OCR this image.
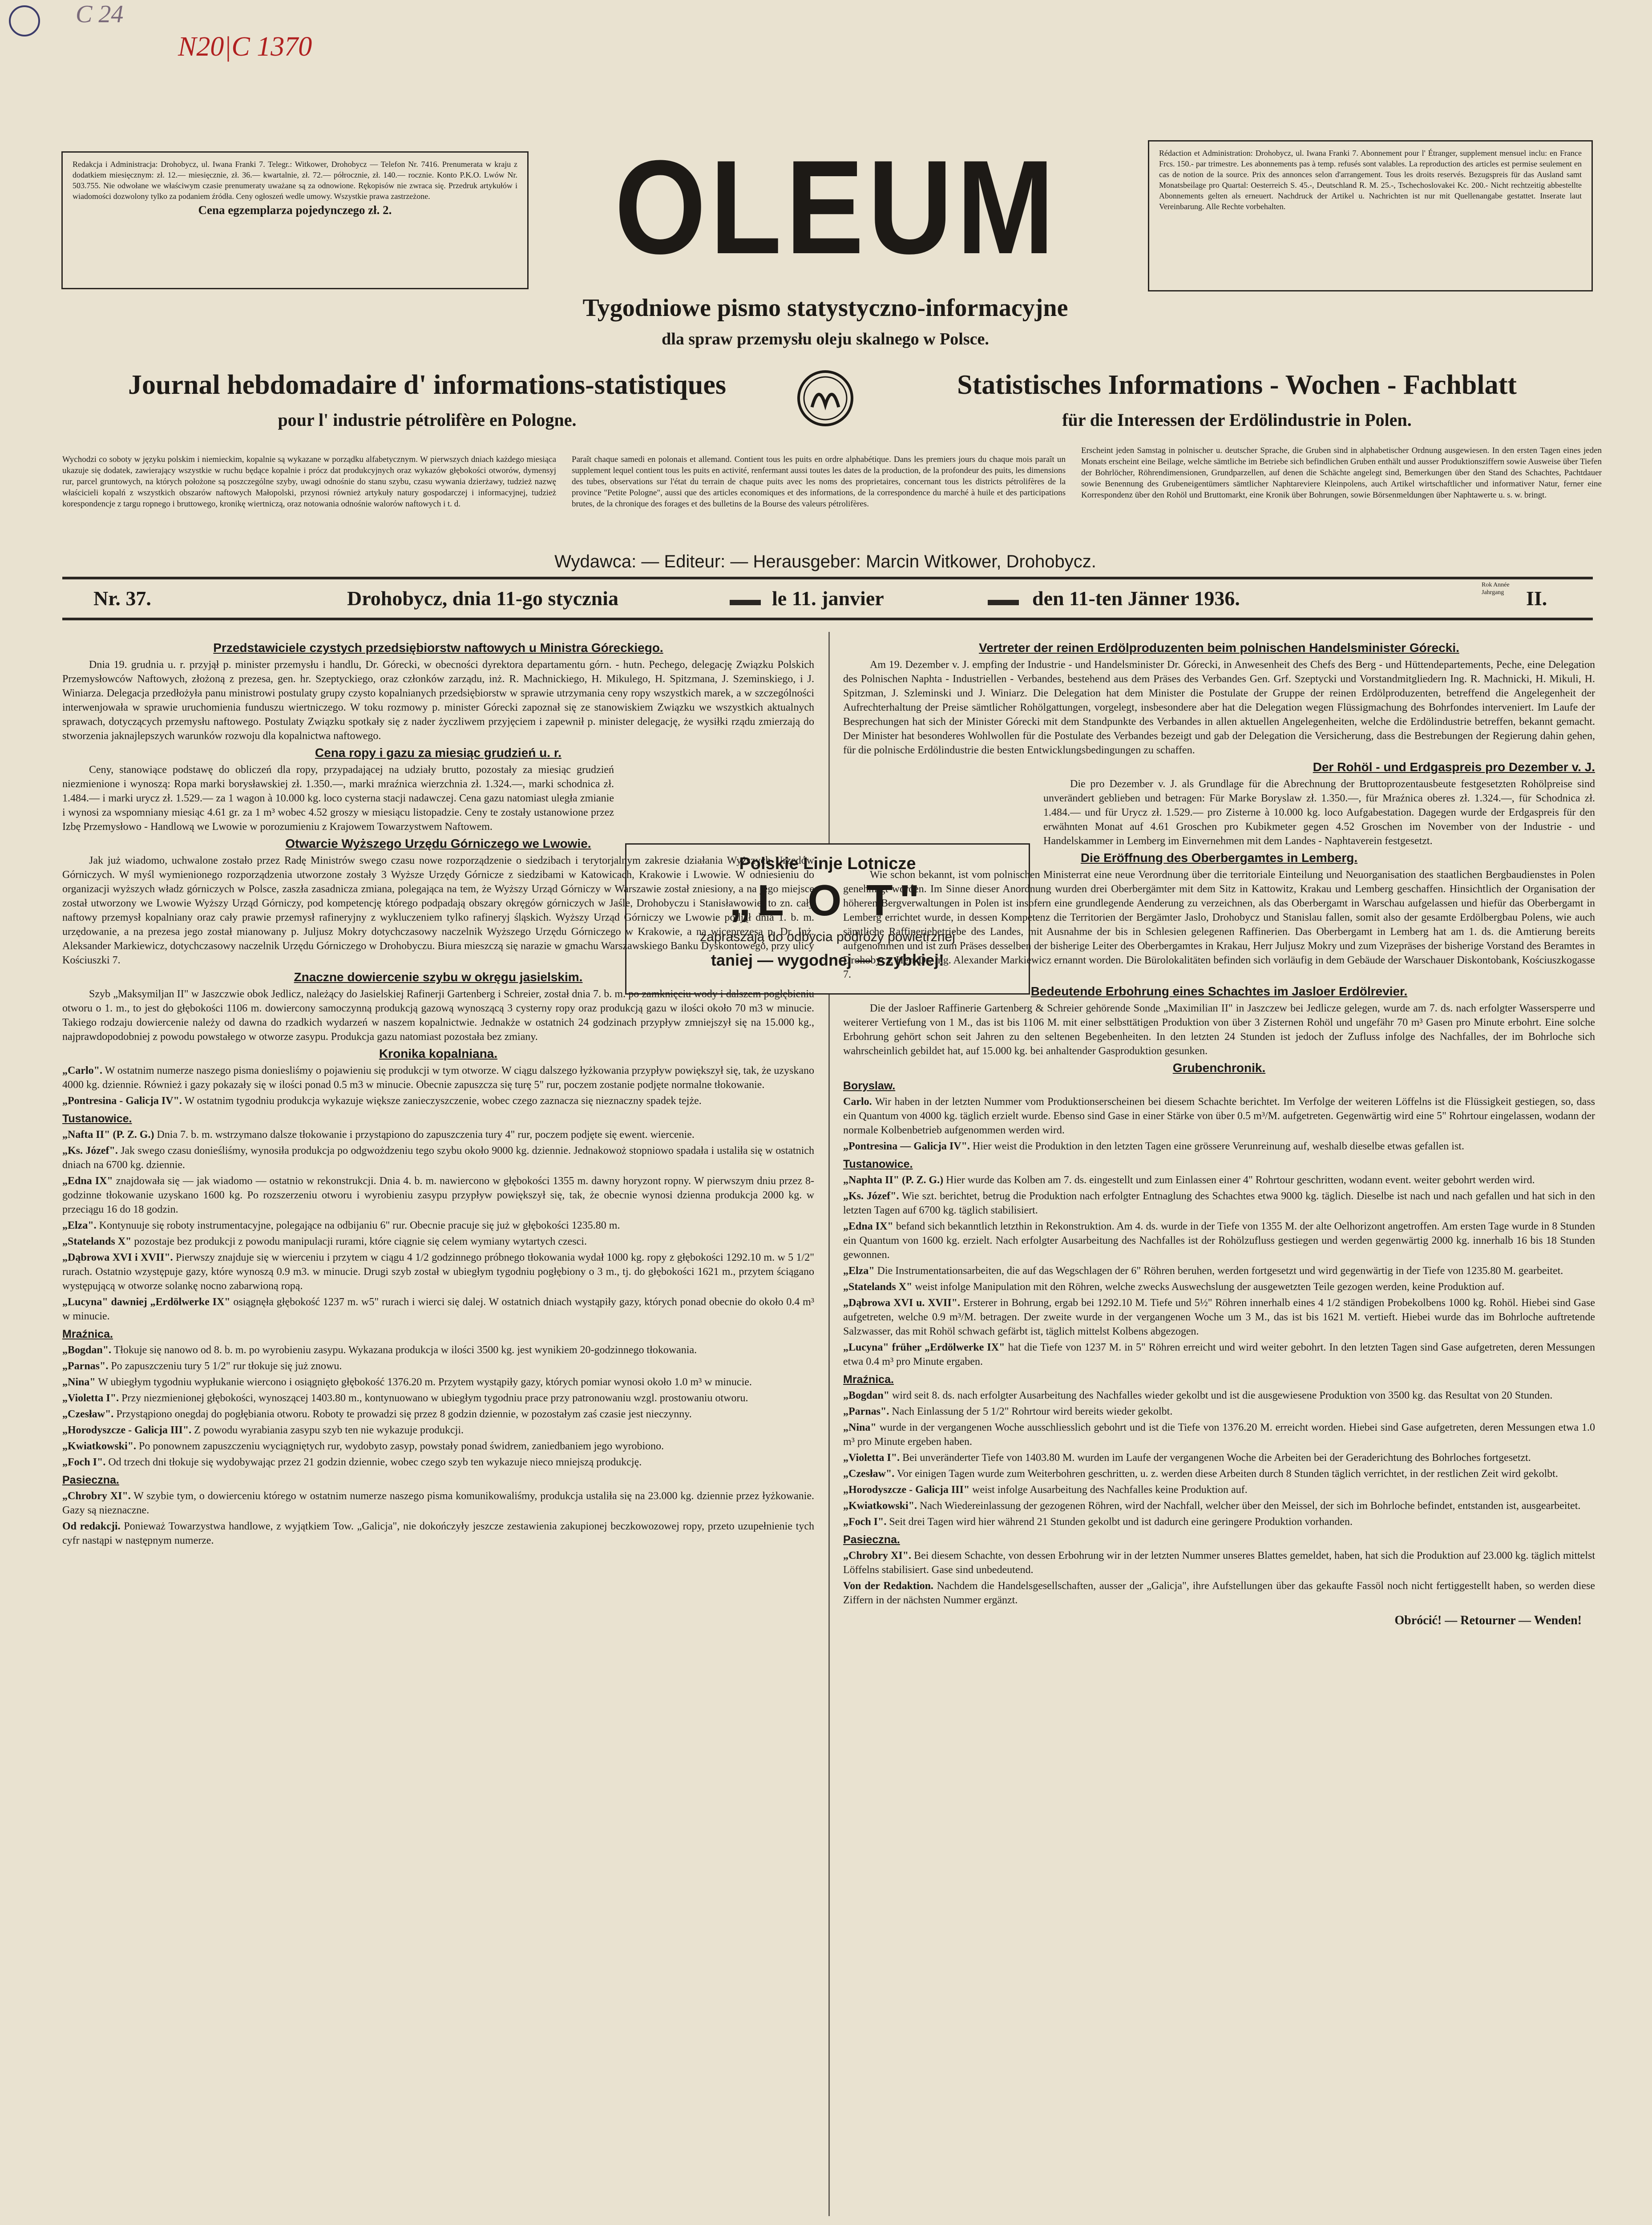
C 24
N20|C 1370
Redakcja i Administracja: Drohobycz, ul. Iwana Franki 7. Telegr.: Witkower, Drohobycz — Telefon Nr. 7416. Prenumerata w kraju z dodatkiem miesięcznym: zł. 12.— miesięcznie, zł. 36.— kwartalnie, zł. 72.— półrocznie, zł. 140.— rocznie. Konto P.K.O. Lwów Nr. 503.755. Nie odwołane we właściwym czasie prenumeraty uważane są za odnowione. Rękopisów nie zwraca się. Przedruk artykułów i wiadomości dozwolony tylko za podaniem źródła. Ceny ogłoszeń wedle umowy. Wszystkie prawa zastrzeżone.
Cena egzemplarza pojedynczego zł. 2.
Rédaction et Administration: Drohobycz, ul. Iwana Franki 7. Abonnement pour l' Étranger, supplement mensuel inclu: en France Frcs. 150.- par trimestre. Les abonnements pas à temp. refusés sont valables. La reproduction des articles est permise seulement en cas de notion de la source. Prix des annonces selon d'arrangement. Tous les droits reservés. Bezugspreis für das Ausland samt Monatsbeilage pro Quartal: Oesterreich S. 45.-, Deutschland R. M. 25.-, Tschechoslovakei Kc. 200.- Nicht rechtzeitig abbestellte Abonnements gelten als erneuert. Nachdruck der Artikel u. Nachrichten ist nur mit Quellenangabe gestattet. Inserate laut Vereinbarung. Alle Rechte vorbehalten.
OLEUM
Tygodniowe pismo statystyczno-informacyjne
dla spraw przemysłu oleju skalnego w Polsce.
Journal hebdomadaire d' informations-statistiques
pour l' industrie pétrolifère en Pologne.
Statistisches Informations - Wochen - Fachblatt
für die Interessen der Erdölindustrie in Polen.
Wychodzi co soboty w języku polskim i niemieckim, kopalnie są wykazane w porządku alfabetycznym. W pierwszych dniach każdego miesiąca ukazuje się dodatek, zawierający wszystkie w ruchu będące kopalnie i prócz dat produkcyjnych oraz wykazów głębokości otworów, dymensyj rur, parcel gruntowych, na których położone są poszczególne szyby, uwagi odnośnie do stanu szybu, czasu wywania dzierżawy, tudzież nazwę właścicieli kopalń z wszystkich obszarów naftowych Małopolski, przynosi również artykuły natury gospodarczej i informacyjnej, tudzież korespondencje z targu ropnego i bruttowego, kronikę wiertniczą, oraz notowania odnośnie walorów naftowych i t. d.
Paraît chaque samedi en polonais et allemand. Contient tous les puits en ordre alphabétique. Dans les premiers jours du chaque mois paraît un supplement lequel contient tous les puits en activité, renfermant aussi toutes les dates de la production, de la profondeur des puits, les dimensions des tubes, observations sur l'état du terrain de chaque puits avec les noms des proprietaires, concernant tous les districts pétrolifères de la province "Petite Pologne", aussi que des articles economiques et des informations, de la correspondence du marché à huile et des participations brutes, de la chronique des forages et des bulletins de la Bourse des valeurs pétrolifères.
Erscheint jeden Samstag in polnischer u. deutscher Sprache, die Gruben sind in alphabetischer Ordnung ausgewiesen. In den ersten Tagen eines jeden Monats erscheint eine Beilage, welche sämtliche im Betriebe sich befindlichen Gruben enthält und ausser Produktionsziffern sowie Ausweise über Tiefen der Bohrlöcher, Röhrendimensionen, Grundparzellen, auf denen die Schächte angelegt sind, Bemerkungen über den Stand des Schachtes, Pachtdauer sowie Benennung des Grubeneigentümers sämtlicher Naphtareviere Kleinpolens, auch Artikel wirtschaftlicher und informativer Natur, ferner eine Korrespondenz über den Rohöl und Bruttomarkt, eine Kronik über Bohrungen, sowie Börsenmeldungen über Naphtawerte u. s. w. bringt.
Wydawca: — Editeur: — Herausgeber: Marcin Witkower, Drohobycz.
Nr. 37.	Drohobycz, dnia 11-go stycznia	le 11. janvier	den 11-ten Jänner 1936.
Rok Année Jahrgang	II.
Polskie Linje Lotnicze
„L O T"
zapraszają do odbycia podróży powietrznej
taniej — wygodnej — szybkiej!
Przedstawiciele czystych przedsiębiorstw naftowych u Ministra Góreckiego.

Dnia 19. grudnia u. r. przyjął p. minister przemysłu i handlu, Dr. Górecki, w obecności dyrektora departamentu górn. - hutn. Pechego, delegację Związku Polskich Przemysłowców Naftowych, złożoną z prezesa, gen. hr. Szeptyckiego, oraz członków zarządu, inż. R. Machnickiego, H. Mikulego, H. Spitzmana, J. Szeminskiego, i J. Winiarza. Delegacja przedłożyła panu ministrowi postulaty grupy czysto kopalnianych przedsiębiorstw w sprawie utrzymania ceny ropy wszystkich marek, a w szczególności interwenjowała w sprawie uruchomienia funduszu wiertniczego. W toku rozmowy p. minister Górecki zapoznał się ze stanowiskiem Związku we wszystkich aktualnych sprawach, dotyczących przemysłu naftowego. Postulaty Związku spotkały się z nader życzliwem przyjęciem i zapewnił p. minister delegację, że wysiłki rządu zmierzają do stworzenia jaknajlepszych warunków rozwoju dla kopalnictwa naftowego.

Cena ropy i gazu za miesiąc grudzień u. r.

Ceny, stanowiące podstawę do obliczeń dla ropy, przypadającej na udziały brutto, pozostały za miesiąc grudzień niezmienione i wynoszą: Ropa marki borysławskiej zł. 1.350.—, marki mraźnica wierzchnia zł. 1.324.—, marki schodnica zł. 1.484.— i marki urycz zł. 1.529.— za 1 wagon à 10.000 kg. loco cysterna stacji nadawczej. Cena gazu natomiast uległa zmianie i wynosi za wspomniany miesiąc 4.61 gr. za 1 m³ wobec 4.52 groszy w miesiącu listopadzie. Ceny te zostały ustanowione przez Izbę Przemysłowo - Handlową we Lwowie w porozumieniu z Krajowem Towarzystwem Naftowem.

Otwarcie Wyższego Urzędu Górniczego we Lwowie.

Jak już wiadomo, uchwalone zostało przez Radę Ministrów swego czasu nowe rozporządzenie o siedzibach i terytorjalnym zakresie działania Wyższych Urzędów Górniczych. W myśl wymienionego rozporządzenia utworzone zostały 3 Wyższe Urzędy Górnicze z siedzibami w Katowicach, Krakowie i Lwowie. W odniesieniu do organizacji wyższych władz górniczych w Polsce, zaszła zasadnicza zmiana, polegająca na tem, że Wyższy Urząd Górniczy w Warszawie został zniesiony, a na jego miejsce został utworzony we Lwowie Wyższy Urząd Górniczy, pod kompetencję którego podpadają obszary okręgów górniczych w Jaśle, Drohobyczu i Stanisławowie, to zn. cały naftowy przemysł kopalniany oraz cały prawie przemysł rafineryjny z wykluczeniem tylko rafineryj śląskich. Wyższy Urząd Górniczy we Lwowie podjął dnia 1. b. m. urzędowanie, a na prezesa jego został mianowany p. Juljusz Mokry dotychczasowy naczelnik Wyższego Urzędu Górniczego w Krakowie, a na wiceprezesa p. Dr. Inż. Aleksander Markiewicz, dotychczasowy naczelnik Urzędu Górniczego w Drohobyczu. Biura mieszczą się narazie w gmachu Warszawskiego Banku Dyskontowego, przy ulicy Kościuszki 7.

Znaczne dowiercenie szybu w okręgu jasielskim.

Szyb „Maksymiljan II" w Jaszczwie obok Jedlicz, należący do Jasielskiej Rafinerji Gartenberg i Schreier, został dnia 7. b. m. po zamknięciu wody i dalszem pogłębieniu otworu o 1. m., to jest do głębokości 1106 m. dowiercony samoczynną produkcją gazową wynoszącą 3 cysterny ropy oraz produkcją gazu w ilości około 70 m3 w minucie. Takiego rodzaju dowiercenie należy od dawna do rzadkich wydarzeń w naszem kopalnictwie. Jednakże w ostatnich 24 godzinach przypływ zmniejszył się na 15.000 kg., najprawdopodobniej z powodu powstałego w otworze zasypu. Produkcja gazu natomiast pozostała bez zmiany.

Kronika kopalniana.

„Carlo". W ostatnim numerze naszego pisma doniesliśmy o pojawieniu się produkcji w tym otworze. W ciągu dalszego łyżkowania przypływ powiększył się, tak, że uzyskano 4000 kg. dziennie. Również i gazy pokazały się w ilości ponad 0.5 m3 w minucie. Obecnie zapuszcza się turę 5" rur, poczem zostanie podjęte normalne tłokowanie.

„Pontresina - Galicja IV". W ostatnim tygodniu produkcja wykazuje większe zanieczyszczenie, wobec czego zaznacza się nieznaczny spadek tejże.

Tustanowice.

„Nafta II" (P. Z. G.) Dnia 7. b. m. wstrzymano dalsze tłokowanie i przystąpiono do zapuszczenia tury 4" rur, poczem podjęte się ewent. wiercenie.

„Ks. Józef". Jak swego czasu donieśliśmy, wynosiła produkcja po odgwożdzeniu tego szybu około 9000 kg. dziennie. Jednakowoż stopniowo spadała i ustaliła się w ostatnich dniach na 6700 kg. dziennie.

„Edna IX" znajdowała się — jak wiadomo — ostatnio w rekonstrukcji. Dnia 4. b. m. nawiercono w głębokości 1355 m. dawny horyzont ropny. W pierwszym dniu przez 8-godzinne tłokowanie uzyskano 1600 kg. Po rozszerzeniu otworu i wyrobieniu zasypu przypływ powiększył się, tak, że obecnie wynosi dzienna produkcja 2000 kg. w przeciągu 16 do 18 godzin.

„Elza". Kontynuuje się roboty instrumentacyjne, polegające na odbijaniu 6" rur. Obecnie pracuje się już w głębokości 1235.80 m.

„Statelands X" pozostaje bez produkcji z powodu manipulacji rurami, które ciągnie się celem wymiany wytartych czesci.

„Dąbrowa XVI i XVII". Pierwszy znajduje się w wierceniu i przytem w ciągu 4 1/2 godzinnego próbnego tłokowania wydał 1000 kg. ropy z głębokości 1292.10 m. w 5 1/2" rurach. Ostatnio wzystępuje gazy, które wynoszą 0.9 m3. w minucie. Drugi szyb został w ubiegłym tygodniu pogłębiony o 3 m., tj. do głębokości 1621 m., przytem ściągano występującą w otworze solankę nocno zabarwioną ropą.

„Lucyna" dawniej „Erdölwerke IX" osiągnęła głębokość 1237 m. w5" rurach i wierci się dalej. W ostatnich dniach wystąpiły gazy, których ponad obecnie do około 0.4 m³ w minucie.

Mraźnica.

„Bogdan". Tłokuje się nanowo od 8. b. m. po wyrobieniu zasypu. Wykazana produkcja w ilości 3500 kg. jest wynikiem 20-godzinnego tłokowania.

„Parnas". Po zapuszczeniu tury 5 1/2" rur tłokuje się już znowu.

„Nina" W ubiegłym tygodniu wypłukanie wiercono i osiągnięto głębokość 1376.20 m. Przytem wystąpiły gazy, których pomiar wynosi około 1.0 m³ w minucie.

„Violetta I". Przy niezmienionej głębokości, wynoszącej 1403.80 m., kontynuowano w ubiegłym tygodniu prace przy patronowaniu wzgl. prostowaniu otworu.

„Czesław". Przystąpiono onegdaj do pogłębiania otworu. Roboty te prowadzi się przez 8 godzin dziennie, w pozostałym zaś czasie jest nieczynny.

„Horodyszcze - Galicja III". Z powodu wyrabiania zasypu szyb ten nie wykazuje produkcji.

„Kwiatkowski". Po ponownem zapuszczeniu wyciągniętych rur, wydobyto zasyp, powstały ponad świdrem, zaniedbaniem jego wyrobiono.

„Foch I". Od trzech dni tłokuje się wydobywając przez 21 godzin dziennie, wobec czego szyb ten wykazuje nieco mniejszą produkcję.

Pasieczna.

„Chrobry XI". W szybie tym, o dowierceniu którego w ostatnim numerze naszego pisma komunikowaliśmy, produkcja ustaliła się na 23.000 kg. dziennie przez łyżkowanie. Gazy są nieznaczne.

Od redakcji. Ponieważ Towarzystwa handlowe, z wyjątkiem Tow. „Galicja", nie dokończyły jeszcze zestawienia zakupionej beczkowozowej ropy, przeto uzupełnienie tych cyfr nastąpi w następnym numerze.

Vertreter der reinen Erdölproduzenten beim polnischen Handelsminister Górecki.

Am 19. Dezember v. J. empfing der Industrie - und Handelsminister Dr. Górecki, in Anwesenheit des Chefs des Berg - und Hüttendepartements, Peche, eine Delegation des Polnischen Naphta - Industriellen - Verbandes, bestehend aus dem Präses des Verbandes Gen. Grf. Szeptycki und Vorstandmitgliedern Ing. R. Machnicki, H. Mikuli, H. Spitzman, J. Szleminski und J. Winiarz. Die Delegation hat dem Minister die Postulate der Gruppe der reinen Erdölproduzenten, betreffend die Angelegenheit der Aufrechterhaltung der Preise sämtlicher Rohölgattungen, vorgelegt, insbesondere aber hat die Delegation wegen Flüssigmachung des Bohrfondes interveniert. Im Laufe der Besprechungen hat sich der Minister Górecki mit dem Standpunkte des Verbandes in allen aktuellen Angelegenheiten, welche die Erdölindustrie betreffen, bekannt gemacht. Der Minister hat besonderes Wohlwollen für die Postulate des Verbandes bezeigt und gab der Delegation die Versicherung, dass die Bestrebungen der Regierung dahin gehen, für die polnische Erdölindustrie die besten Entwicklungsbedingungen zu schaffen.

Der Rohöl - und Erdgaspreis pro Dezember v. J.

Die pro Dezember v. J. als Grundlage für die Abrechnung der Bruttoprozentausbeute festgesetzten Rohölpreise sind unverändert geblieben und betragen: Für Marke Boryslaw zł. 1.350.—, für Mraźnica oberes zł. 1.324.—, für Schodnica zł. 1.484.— und für Urycz zł. 1.529.— pro Zisterne à 10.000 kg. loco Aufgabestation. Dagegen wurde der Erdgaspreis für den erwähnten Monat auf 4.61 Groschen pro Kubikmeter gegen 4.52 Groschen im November von der Industrie - und Handelskammer in Lemberg im Einvernehmen mit dem Landes - Naphtaverein festgesetzt.

Die Eröffnung des Oberbergamtes in Lemberg.

Wie schon bekannt, ist vom polnischen Ministerrat eine neue Verordnung über die territoriale Einteilung und Neuorganisation des staatlichen Bergbaudienstes in Polen genehmigt worden. Im Sinne dieser Anordnung wurden drei Oberbergämter mit dem Sitz in Kattowitz, Krakau und Lemberg geschaffen. Hinsichtlich der Organisation der höheren Bergverwaltungen in Polen ist insofern eine grundlegende Aenderung zu verzeichnen, als das Oberbergamt in Warschau aufgelassen und hiefür das Oberbergamt in Lemberg errichtet wurde, in dessen Kompetenz die Territorien der Bergämter Jaslo, Drohobycz und Stanislau fallen, somit also der gesamte Erdölbergbau Polens, wie auch sämtliche Raffineriebetriebe des Landes, mit Ausnahme der bis in Schlesien gelegenen Raffinerien. Das Oberbergamt in Lemberg hat am 1. ds. die Amtierung bereits aufgenommen und ist zum Präses desselben der bisherige Leiter des Oberbergamtes in Krakau, Herr Juljusz Mokry und zum Vizepräses der bisherige Vorstand des Beramtes in Drohobycz, Herr Dr. Ing. Alexander Markiewicz ernannt worden. Die Bürolokalitäten befinden sich vorläufig in dem Gebäude der Warschauer Diskontobank, Kościuszkogasse 7.

Bedeutende Erbohrung eines Schachtes im Jasloer Erdölrevier.

Die der Jasloer Raffinerie Gartenberg & Schreier gehörende Sonde „Maximilian II" in Jaszczew bei Jedlicze gelegen, wurde am 7. ds. nach erfolgter Wassersperre und weiterer Vertiefung von 1 M., das ist bis 1106 M. mit einer selbsttätigen Produktion von über 3 Zisternen Rohöl und ungefähr 70 m³ Gasen pro Minute erbohrt. Eine solche Erbohrung gehört schon seit Jahren zu den seltenen Begebenheiten. In den letzten 24 Stunden ist jedoch der Zufluss infolge des Nachfalles, der im Bohrloche sich wahrscheinlich gebildet hat, auf 15.000 kg. bei anhaltender Gasproduktion gesunken.

Grubenchronik.
Boryslaw.

Carlo. Wir haben in der letzten Nummer vom Produktionserscheinen bei diesem Schachte berichtet. Im Verfolge der weiteren Löffelns ist die Flüssigkeit gestiegen, so, dass ein Quantum von 4000 kg. täglich erzielt wurde. Ebenso sind Gase in einer Stärke von über 0.5 m³/M. aufgetreten. Gegenwärtig wird eine 5" Rohrtour eingelassen, wodann der normale Kolbenbetrieb aufgenommen werden wird.

„Pontresina — Galicja IV". Hier weist die Produktion in den letzten Tagen eine grössere Verunreinung auf, weshalb dieselbe etwas gefallen ist.

Tustanowice.

„Naphta II" (P. Z. G.) Hier wurde das Kolben am 7. ds. eingestellt und zum Einlassen einer 4" Rohrtour geschritten, wodann event. weiter gebohrt werden wird.

„Ks. Józef". Wie szt. berichtet, betrug die Produktion nach erfolgter Entnaglung des Schachtes etwa 9000 kg. täglich. Dieselbe ist nach und nach gefallen und hat sich in den letzten Tagen auf 6700 kg. täglich stabilisiert.

„Edna IX" befand sich bekanntlich letzthin in Rekonstruktion. Am 4. ds. wurde in der Tiefe von 1355 M. der alte Oelhorizont angetroffen. Am ersten Tage wurde in 8 Stunden ein Quantum von 1600 kg. erzielt. Nach erfolgter Ausarbeitung des Nachfalles ist der Rohölzufluss gestiegen und werden gegenwärtig 2000 kg. innerhalb 16 bis 18 Stunden gewonnen.

„Elza" Die Instrumentationsarbeiten, die auf das Wegschlagen der 6" Röhren beruhen, werden fortgesetzt und wird gegenwärtig in der Tiefe von 1235.80 M. gearbeitet.

„Statelands X" weist infolge Manipulation mit den Röhren, welche zwecks Auswechslung der ausgewetzten Teile gezogen werden, keine Produktion auf.

„Dąbrowa XVI u. XVII". Ersterer in Bohrung, ergab bei 1292.10 M. Tiefe und 5½" Röhren innerhalb eines 4 1/2 ständigen Probekolbens 1000 kg. Rohöl. Hiebei sind Gase aufgetreten, welche 0.9 m³/M. betragen. Der zweite wurde in der vergangenen Woche um 3 M., das ist bis 1621 M. vertieft. Hiebei wurde das im Bohrloche auftretende Salzwasser, das mit Rohöl schwach gefärbt ist, täglich mittelst Kolbens abgezogen.

„Lucyna" früher „Erdölwerke IX" hat die Tiefe von 1237 M. in 5" Röhren erreicht und wird weiter gebohrt. In den letzten Tagen sind Gase aufgetreten, deren Messungen etwa 0.4 m³ pro Minute ergaben.

Mraźnica.

„Bogdan" wird seit 8. ds. nach erfolgter Ausarbeitung des Nachfalles wieder gekolbt und ist die ausgewiesene Produktion von 3500 kg. das Resultat von 20 Stunden.

„Parnas". Nach Einlassung der 5 1/2" Rohrtour wird bereits wieder gekolbt.

„Nina" wurde in der vergangenen Woche ausschliesslich gebohrt und ist die Tiefe von 1376.20 M. erreicht worden. Hiebei sind Gase aufgetreten, deren Messungen etwa 1.0 m³ pro Minute ergeben haben.

„Violetta I". Bei unveränderter Tiefe von 1403.80 M. wurden im Laufe der vergangenen Woche die Arbeiten bei der Geraderichtung des Bohrloches fortgesetzt.

„Czesław". Vor einigen Tagen wurde zum Weiterbohren geschritten, u. z. werden diese Arbeiten durch 8 Stunden täglich verrichtet, in der restlichen Zeit wird gekolbt.

„Horodyszcze - Galicja III" weist infolge Ausarbeitung des Nachfalles keine Produktion auf.

„Kwiatkowski". Nach Wiedereinlassung der gezogenen Röhren, wird der Nachfall, welcher über den Meissel, der sich im Bohrloche befindet, entstanden ist, ausgearbeitet.

„Foch I". Seit drei Tagen wird hier während 21 Stunden gekolbt und ist dadurch eine geringere Produktion vorhanden.

Pasieczna.

„Chrobry XI". Bei diesem Schachte, von dessen Erbohrung wir in der letzten Nummer unseres Blattes gemeldet, haben, hat sich die Produktion auf 23.000 kg. täglich mittelst Löffelns stabilisiert. Gase sind unbedeutend.

Von der Redaktion. Nachdem die Handelsgesellschaften, ausser der „Galicja", ihre Aufstellungen über das gekaufte Fassöl noch nicht fertiggestellt haben, so werden diese Ziffern in der nächsten Nummer ergänzt.

Obrócić! — Retourner — Wenden!
